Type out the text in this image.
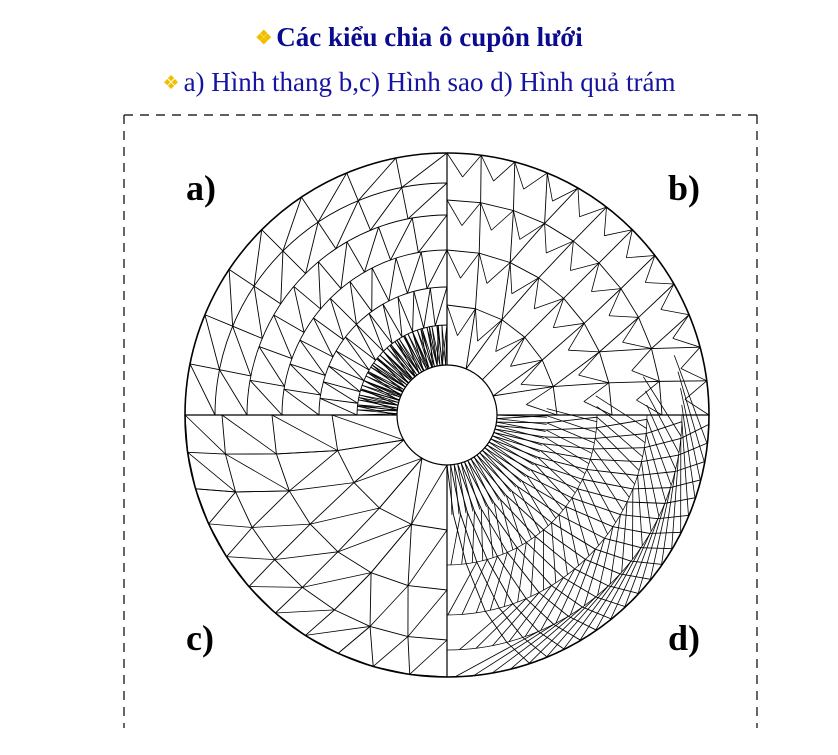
❖ Các kiểu chia ô cupôn lưới
❖ a) Hình thang b,c) Hình sao d) Hình quả trám
a)	b)
c)	d)
